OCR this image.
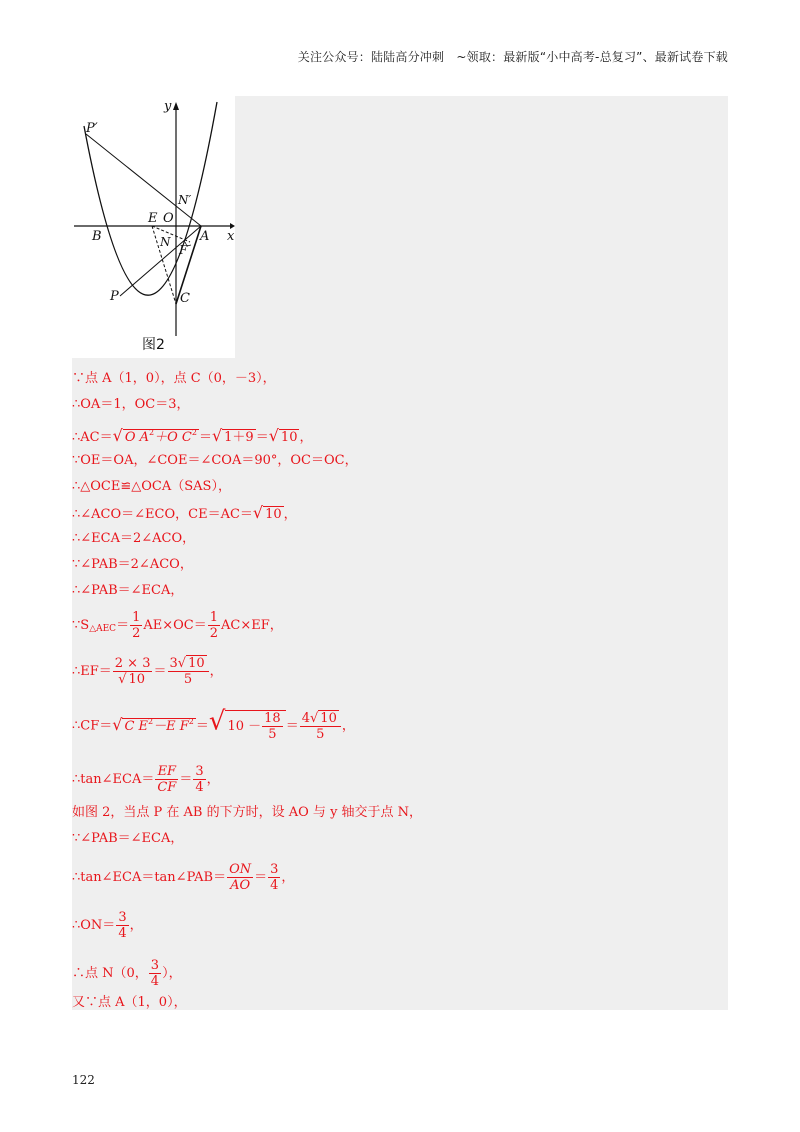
关注公众号：陆陆高分冲刺　~领取：最新版“小中高考-总复习”、最新试卷下载
P′
y
N′
E O
B	N A x
F
P	C
图2
∵点 A（1，0），点 C（0，－3），
∴OA＝1，OC＝3，
∴AC＝√ O $A^2+O$ $C^2$ ＝√ 1＋9 ＝√ 10 ，
∵OE＝OA，∠COE＝∠COA＝90°，OC＝OC，
∴△OCE≌△OCA（SAS），
∴∠ACO＝∠ECO，CE＝AC＝√ 10 ，
∴∠ECA＝2∠ACO，
∵∠PAB＝2∠ACO，
∴∠PAB＝∠ECA，
$\because S_{\triangle AEC}= \frac{1}{2} AE\times OC= \frac{1}{2} AC\times EF$，
∴EF＝ $\frac{2 \times 3}{√ 10} = \frac{3√ 10}{5}$ ，
∴CF＝√ C $E^2-E$ $F^2$ ＝√ $10 - \frac{18}{5} = \frac{4√ 10}{5}$ ，
∴tan∠ECA＝ $\frac{EF}{CF} = \frac{3}{4}$ ，
如图 2，当点 P 在 AB 的下方时，设 AO 与 y 轴交于点 N，
∵∠PAB＝∠ECA，
∴tan∠ECA＝tan∠PAB＝ $\frac{ON}{AO} = \frac{3}{4}$ ，
∴ON＝ $\frac{3}{4}$ ，
∴点 N（0， $\frac{3}{4}$ ），
又∵点 A（1，0），
122
